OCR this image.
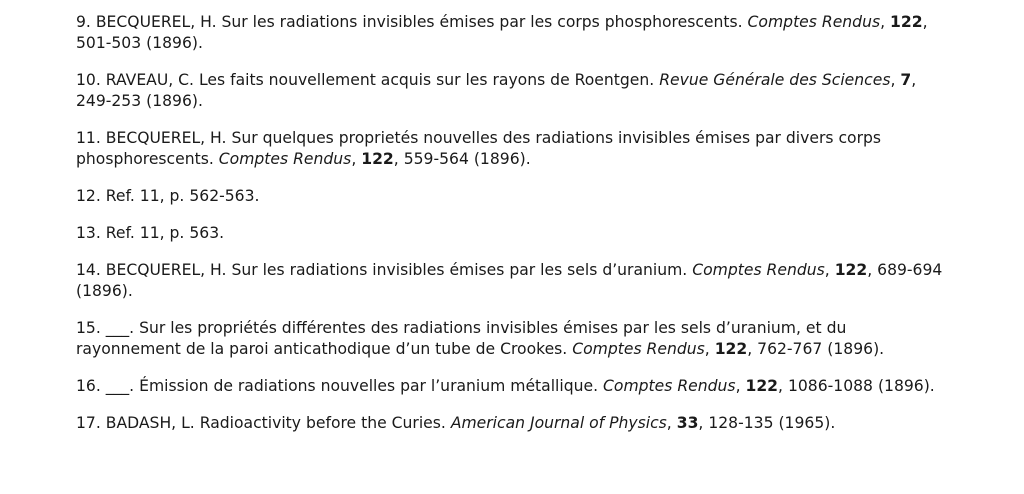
9. BECQUEREL, H. Sur les radiations invisibles émises par les corps phosphorescents. Comptes Rendus, 122, 501-503 (1896).

10. RAVEAU, C. Les faits nouvellement acquis sur les rayons de Roentgen. Revue Générale des Sciences, 7, 249-253 (1896).

11. BECQUEREL, H. Sur quelques proprietés nouvelles des radiations invisibles émises par divers corps phosphorescents. Comptes Rendus, 122, 559-564 (1896).

12. Ref. 11, p. 562-563.

13. Ref. 11, p. 563.

14. BECQUEREL, H. Sur les radiations invisibles émises par les sels d’uranium. Comptes Rendus, 122, 689-694 (1896).

15. ___. Sur les propriétés différentes des radiations invisibles émises par les sels d’uranium, et du rayonnement de la paroi anticathodique d’un tube de Crookes. Comptes Rendus, 122, 762-767 (1896).

16. ___. Émission de radiations nouvelles par l’uranium métallique. Comptes Rendus, 122, 1086-1088 (1896).

17. BADASH, L. Radioactivity before the Curies. American Journal of Physics, 33, 128-135 (1965).
